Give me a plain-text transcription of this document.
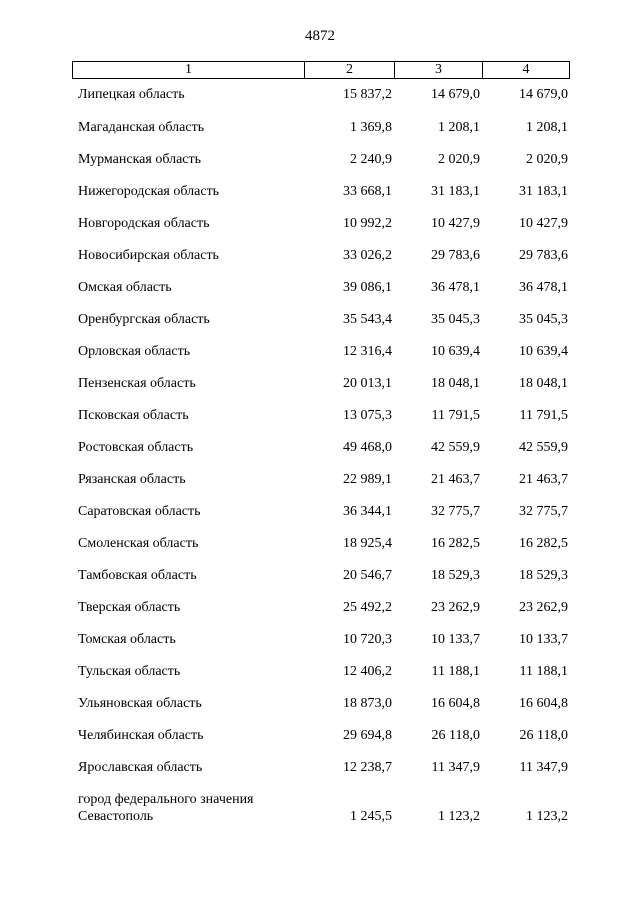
4872
1	2	3	4
Липецкая область	15 837,2	14 679,0	14 679,0
Магаданская область	1 369,8	1 208,1	1 208,1
Мурманская область	2 240,9	2 020,9	2 020,9
Нижегородская область	33 668,1	31 183,1	31 183,1
Новгородская область	10 992,2	10 427,9	10 427,9
Новосибирская область	33 026,2	29 783,6	29 783,6
Омская область	39 086,1	36 478,1	36 478,1
Оренбургская область	35 543,4	35 045,3	35 045,3
Орловская область	12 316,4	10 639,4	10 639,4
Пензенская область	20 013,1	18 048,1	18 048,1
Псковская область	13 075,3	11 791,5	11 791,5
Ростовская область	49 468,0	42 559,9	42 559,9
Рязанская область	22 989,1	21 463,7	21 463,7
Саратовская область	36 344,1	32 775,7	32 775,7
Смоленская область	18 925,4	16 282,5	16 282,5
Тамбовская область	20 546,7	18 529,3	18 529,3
Тверская область	25 492,2	23 262,9	23 262,9
Томская область	10 720,3	10 133,7	10 133,7
Тульская область	12 406,2	11 188,1	11 188,1
Ульяновская область	18 873,0	16 604,8	16 604,8
Челябинская область	29 694,8	26 118,0	26 118,0
Ярославская область	12 238,7	11 347,9	11 347,9
город федерального значения Севастополь	1 245,5	1 123,2	1 123,2
